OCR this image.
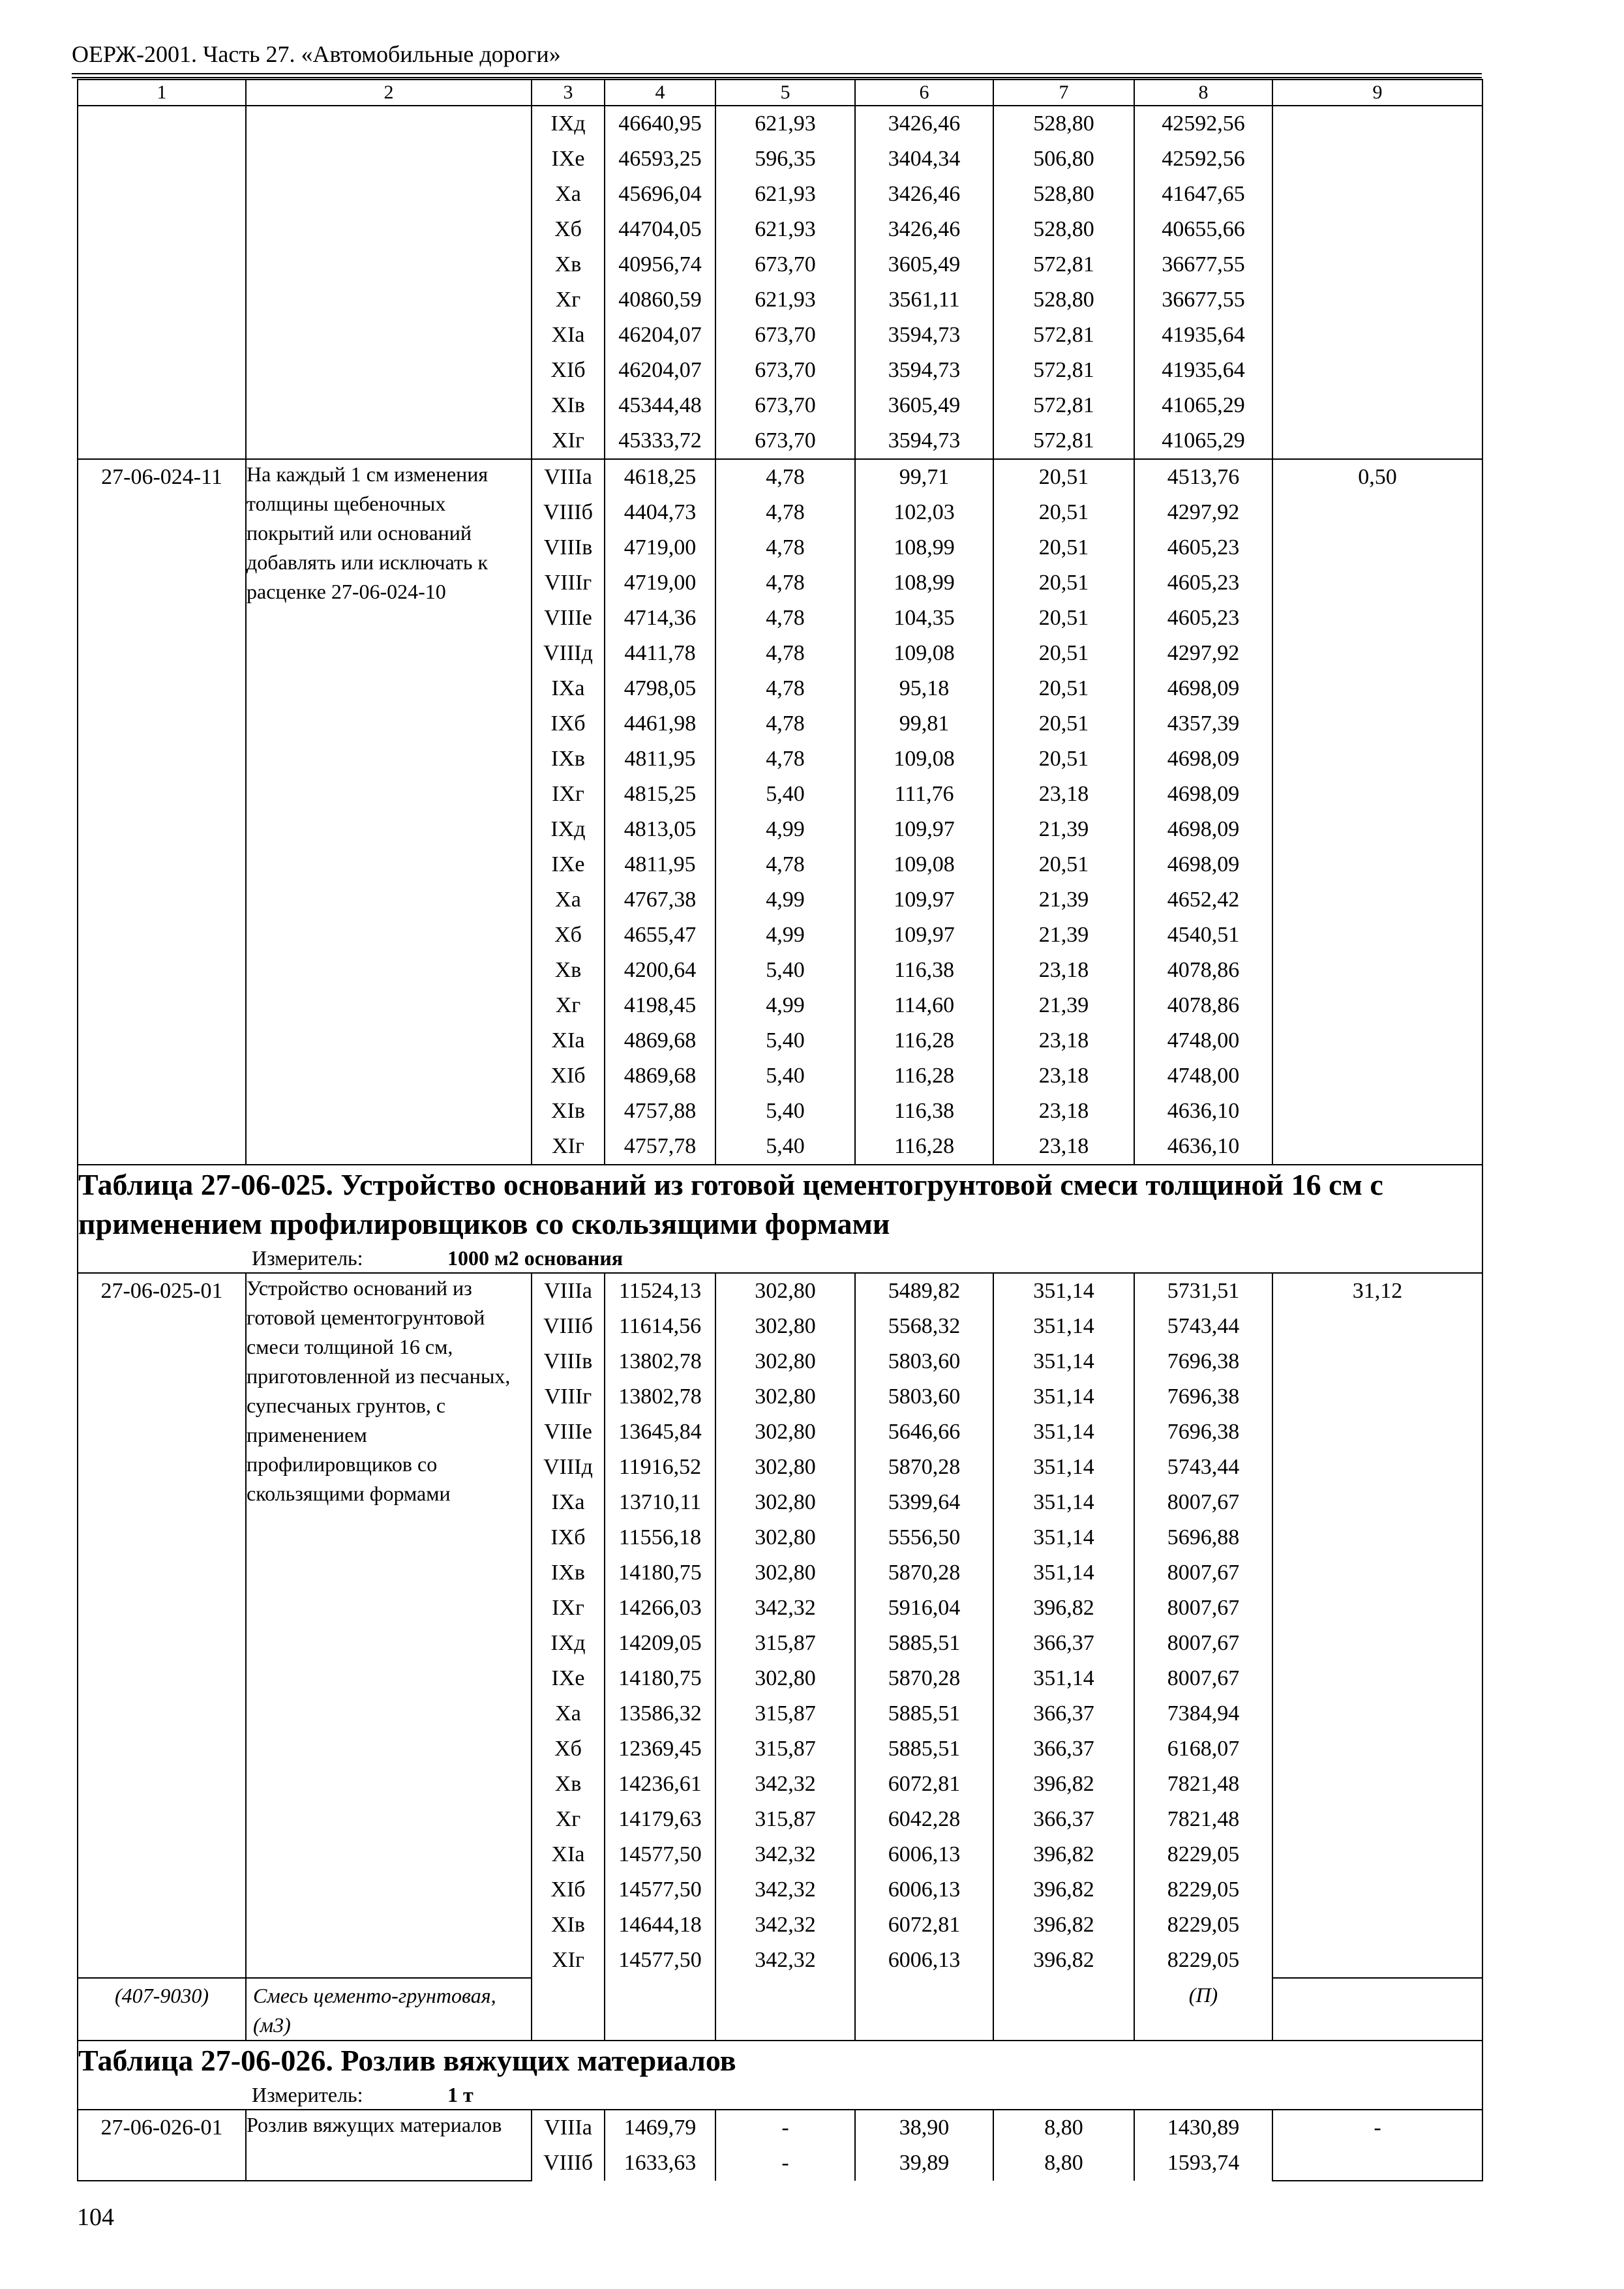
ОЕРЖ-2001. Часть 27. «Автомобильные дороги»
1	2	3	4	5	6	7	8	9
		IXд	46640,95	621,93	3426,46	528,80	42592,56	
		IXе	46593,25	596,35	3404,34	506,80	42592,56	
		Xа	45696,04	621,93	3426,46	528,80	41647,65	
		Xб	44704,05	621,93	3426,46	528,80	40655,66	
		Xв	40956,74	673,70	3605,49	572,81	36677,55	
		Xг	40860,59	621,93	3561,11	528,80	36677,55	
		XIа	46204,07	673,70	3594,73	572,81	41935,64	
		XIб	46204,07	673,70	3594,73	572,81	41935,64	
		XIв	45344,48	673,70	3605,49	572,81	41065,29	
		XIг	45333,72	673,70	3594,73	572,81	41065,29	
27-06-024-11	На каждый 1 см изменения толщины щебеночных покрытий или оснований добавлять или исключать к расценке 27-06-024-10	VIIIа	4618,25	4,78	99,71	20,51	4513,76	0,50
		VIIIб	4404,73	4,78	102,03	20,51	4297,92	
		VIIIв	4719,00	4,78	108,99	20,51	4605,23	
		VIIIг	4719,00	4,78	108,99	20,51	4605,23	
		VIIIе	4714,36	4,78	104,35	20,51	4605,23	
		VIIIд	4411,78	4,78	109,08	20,51	4297,92	
		IXа	4798,05	4,78	95,18	20,51	4698,09	
		IXб	4461,98	4,78	99,81	20,51	4357,39	
		IXв	4811,95	4,78	109,08	20,51	4698,09	
		IXг	4815,25	5,40	111,76	23,18	4698,09	
		IXд	4813,05	4,99	109,97	21,39	4698,09	
		IXе	4811,95	4,78	109,08	20,51	4698,09	
		Xа	4767,38	4,99	109,97	21,39	4652,42	
		Xб	4655,47	4,99	109,97	21,39	4540,51	
		Xв	4200,64	5,40	116,38	23,18	4078,86	
		Xг	4198,45	4,99	114,60	21,39	4078,86	
		XIа	4869,68	5,40	116,28	23,18	4748,00	
		XIб	4869,68	5,40	116,28	23,18	4748,00	
		XIв	4757,88	5,40	116,38	23,18	4636,10	
		XIг	4757,78	5,40	116,28	23,18	4636,10	

Таблица 27-06-025. Устройство оснований из готовой цементогрунтовой смеси толщиной 16 см с применением профилировщиков со скользящими формами
Измеритель: 1000 м2 основания								

27-06-025-01	Устройство оснований из готовой цементогрунтовой смеси толщиной 16 см, приготовленной из песчаных, супесчаных грунтов, с применением профилировщиков со скользящими формами	VIIIа	11524,13	302,80	5489,82	351,14	5731,51	31,12
		VIIIб	11614,56	302,80	5568,32	351,14	5743,44	
		VIIIв	13802,78	302,80	5803,60	351,14	7696,38	
		VIIIг	13802,78	302,80	5803,60	351,14	7696,38	
		VIIIе	13645,84	302,80	5646,66	351,14	7696,38	
		VIIIд	11916,52	302,80	5870,28	351,14	5743,44	
		IXа	13710,11	302,80	5399,64	351,14	8007,67	
		IXб	11556,18	302,80	5556,50	351,14	5696,88	
		IXв	14180,75	302,80	5870,28	351,14	8007,67	
		IXг	14266,03	342,32	5916,04	396,82	8007,67	
		IXд	14209,05	315,87	5885,51	366,37	8007,67	
		IXе	14180,75	302,80	5870,28	351,14	8007,67	
		Xа	13586,32	315,87	5885,51	366,37	7384,94	
		Xб	12369,45	315,87	5885,51	366,37	6168,07	
		Xв	14236,61	342,32	6072,81	396,82	7821,48	
		Xг	14179,63	315,87	6042,28	366,37	7821,48	
		XIа	14577,50	342,32	6006,13	396,82	8229,05	
		XIб	14577,50	342,32	6006,13	396,82	8229,05	
		XIв	14644,18	342,32	6072,81	396,82	8229,05	
		XIг	14577,50	342,32	6006,13	396,82	8229,05	
(407-9030)	Смесь цементо-грунтовая, (м3)						(П)	

Таблица 27-06-026. Розлив вяжущих материалов
Измеритель: 1 т								

27-06-026-01	Розлив вяжущих материалов	VIIIа	1469,79	-	38,90	8,80	1430,89	-
		VIIIб	1633,63	-	39,89	8,80	1593,74	
104
